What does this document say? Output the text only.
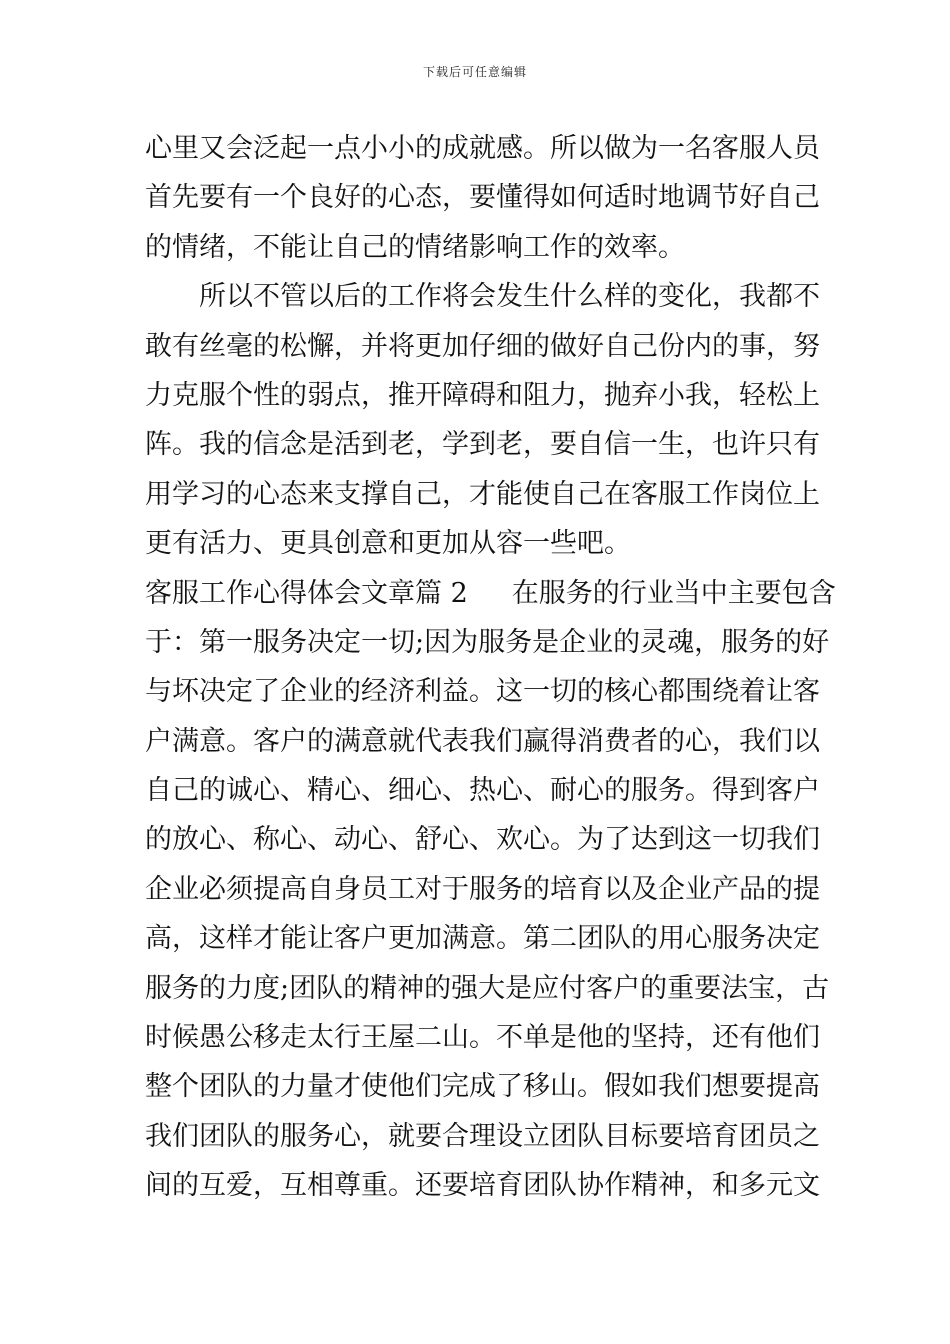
下载后可任意编辑
心里又会泛起一点小小的成就感。所以做为一名客服人员
首先要有一个良好的心态，要懂得如何适时地调节好自己
的情绪，不能让自己的情绪影响工作的效率。
所以不管以后的工作将会发生什么样的变化，我都不
敢有丝毫的松懈，并将更加仔细的做好自己份内的事，努
力克服个性的弱点，推开障碍和阻力，抛弃小我，轻松上
阵。我的信念是活到老，学到老，要自信一生，也许只有
用学习的心态来支撑自己，才能使自己在客服工作岗位上
更有活力、更具创意和更加从容一些吧。
客服工作心得体会文章篇 2 在服务的行业当中主要包含
于：第一服务决定一切;因为服务是企业的灵魂，服务的好
与坏决定了企业的经济利益。这一切的核心都围绕着让客
户满意。客户的满意就代表我们赢得消费者的心，我们以
自己的诚心、精心、细心、热心、耐心的服务。得到客户
的放心、称心、动心、舒心、欢心。为了达到这一切我们
企业必须提高自身员工对于服务的培育以及企业产品的提
高，这样才能让客户更加满意。第二团队的用心服务决定
服务的力度;团队的精神的强大是应付客户的重要法宝，古
时候愚公移走太行王屋二山。不单是他的坚持，还有他们
整个团队的力量才使他们完成了移山。假如我们想要提高
我们团队的服务心，就要合理设立团队目标要培育团员之
间的互爱，互相尊重。还要培育团队协作精神，和多元文
